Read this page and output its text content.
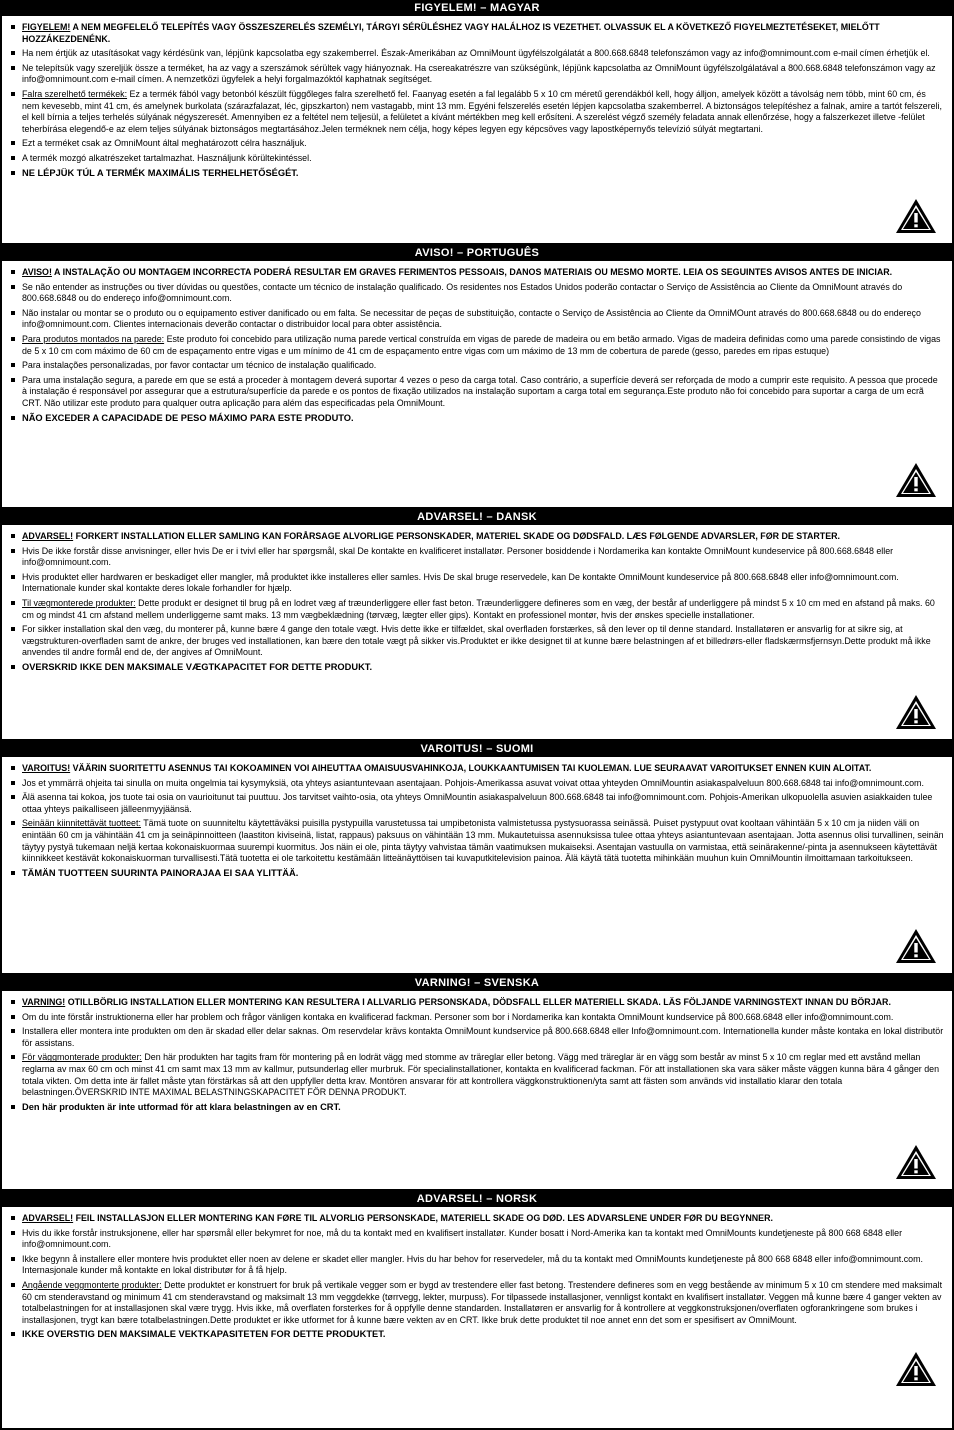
FIGYELEM! – MAGYAR
FIGYELEM! A NEM MEGFELELŐ TELEPÍTÉS VAGY ÖSSZESZERELÉS SZEMÉLYI, TÁRGYI SÉRÜLÉSHEZ VAGY HALÁLHOZ IS VEZETHET. OLVASSUK EL A KÖVETKEZŐ FIGYELMEZTETÉSEKET, MIELŐTT HOZZÁKEZDENÉNK.
Ha nem értjük az utasításokat vagy kérdésünk van, lépjünk kapcsolatba egy szakemberrel. Észak-Amerikában az OmniMount ügyfélszolgálatát a 800.668.6848 telefonszámon vagy az info@omnimount.com e-mail címen érhetjük el.
Ne telepítsük vagy szereljük össze a terméket, ha az vagy a szerszámok sérültek vagy hiányoznak. Ha csereakatrészre van szükségünk, lépjünk kapcsolatba az OmniMount ügyfélszolgálatával a 800.668.6848 telefonszámon vagy az info@omnimount.com e-mail címen. A nemzetközi ügyfelek a helyi forgalmazóktól kaphatnak segítséget.
Falra szerelhető termékek: Ez a termék fából vagy betonból készült függőleges falra szerelhető fel. Faanyag esetén a fal legalább 5 x 10 cm méretű gerendákból kell, hogy álljon, amelyek között a távolság nem több, mint 60 cm, és nem kevesebb, mint 41 cm, és amelynek burkolata (szárazfalazat, léc, gipszkarton) nem vastagabb, mint 13 mm. Egyéni felszerelés esetén lépjen kapcsolatba szakemberrel. A biztonságos telepítéshez a falnak, amire a tartót felszereli, el kell bírnia a teljes terhelés súlyának négyszeresét. Amennyiben ez a feltétel nem teljesül, a felületet a kívánt mértékben meg kell erősíteni. A szerelést végző személy feladata annak ellenőrzése, hogy a falszerkezet illetve -felület teherbírása elegendő-e az elem teljes súlyának biztonságos megtartásához.Jelen terméknek nem célja, hogy képes legyen egy képcsöves vagy lapostképernyős televízió súlyát megtartani.
Ezt a terméket csak az OmniMount által meghatározott célra használjuk.
A termék mozgó alkatrészeket tartalmazhat. Használjunk körültekintéssel.
NE LÉPJÜK TÚL A TERMÉK MAXIMÁLIS TERHELHETŐSÉGÉT.
AVISO! – PORTUGUÊS
AVISO! A INSTALAÇÃO OU MONTAGEM INCORRECTA PODERÁ RESULTAR EM GRAVES FERIMENTOS PESSOAIS, DANOS MATERIAIS OU MESMO MORTE. LEIA OS SEGUINTES AVISOS ANTES DE INICIAR.
Se não entender as instruções ou tiver dúvidas ou questões, contacte um técnico de instalação qualificado. Os residentes nos Estados Unidos poderão contactar o Serviço de Assistência ao Cliente da OmniMount através do 800.668.6848 ou do endereço info@omnimount.com.
Não instalar ou montar se o produto ou o equipamento estiver danificado ou em falta. Se necessitar de peças de substituição, contacte o Serviço de Assistência ao Cliente da OmniMOunt através do 800.668.6848 ou do endereço info@omnimount.com. Clientes internacionais deverão contactar o distribuidor local para obter assistência.
Para produtos montados na parede: Este produto foi concebido para utilização numa parede vertical construída em vigas de parede de madeira ou em betão armado. Vigas de madeira definidas como uma parede consistindo de vigas de 5 x 10 cm com máximo de 60 cm de espaçamento entre vigas e um mínimo de 41 cm de espaçamento entre vigas com um máximo de 13 mm de cobertura de parede (gesso, paredes em ripas estuque)
Para instalações personalizadas, por favor contactar um técnico de instalação qualificado.
Para uma instalação segura, a parede em que se está a proceder à montagem deverá suportar 4 vezes o peso da carga total. Caso contrário, a superfície deverá ser reforçada de modo a cumprir este requisito. A pessoa que procede à instalação é responsável por assegurar que a estrutura/superfície da parede e os pontos de fixação utilizados na instalação suportam a carga total em segurança.Este produto não foi concebido para suportar a carga de um ecrã CRT. Não utilizar este produto para qualquer outra aplicação para além das especificadas pela OmniMount.
NÃO EXCEDER A CAPACIDADE DE PESO MÁXIMO PARA ESTE PRODUTO.
ADVARSEL! – DANSK
ADVARSEL! FORKERT INSTALLATION ELLER SAMLING KAN FORÅRSAGE ALVORLIGE PERSONSKADER, MATERIEL SKADE OG DØDSFALD. LÆS FØLGENDE ADVARSLER, FØR DE STARTER.
Hvis De ikke forstår disse anvisninger, eller hvis De er i tvivl eller har spørgsmål, skal De kontakte en kvalificeret installatør. Personer bosiddende i Nordamerika kan kontakte OmniMount kundeservice på 800.668.6848 eller info@omnimount.com.
Hvis produktet eller hardwaren er beskadiget eller mangler, må produktet ikke installeres eller samles. Hvis De skal bruge reservedele, kan De kontakte OmniMount kundeservice på 800.668.6848 eller info@omnimount.com. Internationale kunder skal kontakte deres lokale forhandler for hjælp.
Til vægmonterede produkter: Dette produkt er designet til brug på en lodret væg af træunderliggere eller fast beton. Træunderliggere defineres som en væg, der består af underliggere på mindst 5 x 10 cm med en afstand på maks. 60 cm og mindst 41 cm afstand mellem underliggerne samt maks. 13 mm vægbeklædning (tørvæg, lægter eller gips). Kontakt en professionel montør, hvis der ønskes specielle installationer.
For sikker installation skal den væg, du monterer på, kunne bære 4 gange den totale vægt. Hvis dette ikke er tilfældet, skal overfladen forstærkes, så den lever op til denne standard. Installatøren er ansvarlig for at sikre sig, at vægstrukturen-overfladen samt de ankre, der bruges ved installationen, kan bære den totale vægt på sikker vis.Produktet er ikke designet til at kunne bære belastningen af et billedrørs-eller fladskærmsfjernsyn.Dette produkt må ikke anvendes til andre formål end de, der angives af OmniMount.
OVERSKRID IKKE DEN MAKSIMALE VÆGTKAPACITET FOR DETTE PRODUKT.
VAROITUS! – SUOMI
VAROITUS! VÄÄRIN SUORITETTU ASENNUS TAI KOKOAMINEN VOI AIHEUTTAA OMAISUUSVAHINKOJA, LOUKKAANTUMISEN TAI KUOLEMAN. LUE SEURAAVAT VAROITUKSET ENNEN KUIN ALOITAT.
Jos et ymmärrä ohjeita tai sinulla on muita ongelmia tai kysymyksiä, ota yhteys asiantuntevaan asentajaan. Pohjois-Amerikassa asuvat voivat ottaa yhteyden OmniMountin asiakaspalveluun 800.668.6848 tai info@omnimount.com.
Älä asenna tai kokoa, jos tuote tai osia on vaurioitunut tai puuttuu. Jos tarvitset vaihto-osia, ota yhteys OmniMountin asiakaspalveluun 800.668.6848 tai info@omnimount.com. Pohjois-Amerikan ulkopuolella asuvien asiakkaiden tulee ottaa yhteys paikalliseen jälleenmyyjäänsä.
Seinään kiinnitettävät tuotteet: Tämä tuote on suunniteltu käytettäväksi puisilla pystypuilla varustetussa tai umpibetonista valmistetussa pystysuorassa seinässä. Puiset pystypuut ovat kooltaan vähintään 5 x 10 cm ja niiden väli on enintään 60 cm ja vähintään 41 cm ja seinäpinnoitteen (laastiton kiviseinä, listat, rappaus) paksuus on vähintään 13 mm. Mukautetuissa asennuksissa tulee ottaa yhteys asiantuntevaan asentajaan. Jotta asennus olisi turvallinen, seinän täytyy pystyä tukemaan neljä kertaa kokonaiskuormaa suurempi kuormitus. Jos näin ei ole, pinta täytyy vahvistaa tämän vaatimuksen mukaiseksi. Asentajan vastuulla on varmistaa, että seinärakenne/-pinta ja asennukseen käytettävät kiinnikkeet kestävät kokonaiskuorman turvallisesti.Tätä tuotetta ei ole tarkoitettu kestämään litteänäyttöisen tai kuvaputkitelevision painoa. Älä käytä tätä tuotetta mihinkään muuhun kuin OmniMountin ilmoittamaan tarkoitukseen.
TÄMÄN TUOTTEEN SUURINTA PAINORAJAA EI SAA YLITTÄÄ.
VARNING! – SVENSKA
VARNING! OTILLBÖRLIG INSTALLATION ELLER MONTERING KAN RESULTERA I ALLVARLIG PERSONSKADA, DÖDSFALL ELLER MATERIELL SKADA. LÄS FÖLJANDE VARNINGSTEXT INNAN DU BÖRJAR.
Om du inte förstår instruktionerna eller har problem och frågor vänligen kontaka en kvalificerad fackman. Personer som bor i Nordamerika kan kontakta OmniMount kundservice på 800.668.6848 eller info@omnimount.com.
Installera eller montera inte produkten om den är skadad eller delar saknas. Om reservdelar krävs kontakta OmniMount kundservice på 800.668.6848 eller Info@omnimount.com. Internationella kunder måste kontaka en lokal distributör för assistans.
För väggmonterade produkter: Den här produkten har tagits fram för montering på en lodrät vägg med stomme av träreglar eller betong. Vägg med träreglar är en vägg som består av minst 5 x 10 cm reglar med ett avstånd mellan reglarna av max 60 cm och minst 41 cm samt max 13 mm av kallmur, putsunderlag eller murbruk. För specialinstallationer, kontakta en kvalificerad fackman. För att installationen ska vara säker måste väggen kunna bära 4 gånger den totala vikten. Om detta inte är fallet måste ytan förstärkas så att den uppfyller detta krav. Montören ansvarar för att kontrollera väggkonstruktionen/yta samt att fästen som används vid installatio klarar den totala belastningen.ÖVERSKRID INTE MAXIMAL BELASTNINGSKAPACITET FÖR DENNA PRODUKT.
Den här produkten är inte utformad för att klara belastningen av en CRT.
ADVARSEL! – NORSK
ADVARSEL! FEIL INSTALLASJON ELLER MONTERING KAN FØRE TIL ALVORLIG PERSONSKADE, MATERIELL SKADE OG DØD. LES ADVARSLENE UNDER FØR DU BEGYNNER.
Hvis du ikke forstår instruksjonene, eller har spørsmål eller bekymret for noe, må du ta kontakt med en kvalifisert installatør. Kunder bosatt i Nord-Amerika kan ta kontakt med OmniMounts kundetjeneste på 800 668 6848 eller info@omnimount.com.
Ikke begynn å installere eller montere hvis produktet eller noen av delene er skadet eller mangler. Hvis du har behov for reservedeler, må du ta kontakt med OmniMounts kundetjeneste på 800 668 6848 eller info@omnimount.com. Internasjonale kunder må kontakte en lokal distributør for å få hjelp.
Angående veggmonterte produkter: Dette produktet er konstruert for bruk på vertikale vegger som er bygd av trestendere eller fast betong. Trestendere defineres som en vegg bestående av minimum 5 x 10 cm stendere med maksimalt 60 cm stenderavstand og minimum 41 cm stenderavstand og maksimalt 13 mm veggdekke (tørrvegg, lekter, murpuss). For tilpassede installasjoner, vennligst kontakt en kvalifisert installatør. Veggen må kunne bære 4 ganger vekten av totalbelastningen for at installasjonen skal være trygg. Hvis ikke, må overflaten forsterkes for å oppfylle denne standarden. Installatøren er ansvarlig for å kontrollere at veggkonstruksjonen/overflaten ogforankringene som brukes i installasjonen, trygt kan bære totalbelastningen.Dette produktet er ikke utformet for å kunne bære vekten av en CRT. Ikke bruk dette produktet til noe annet enn det som er spesifisert av OmniMount.
IKKE OVERSTIG DEN MAKSIMALE VEKTKAPASITETEN FOR DETTE PRODUKTET.
